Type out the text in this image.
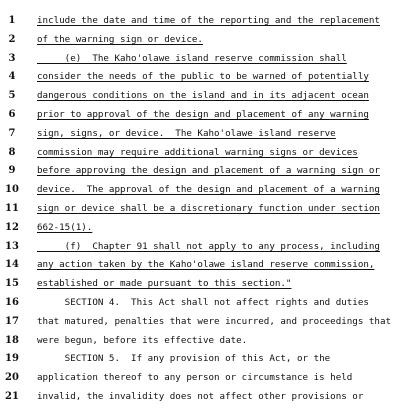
1	include the date and time of the reporting and the replacement
2	of the warning sign or device.
3	(e)  The Kaho'olawe island reserve commission shall
4	consider the needs of the public to be warned of potentially
5	dangerous conditions on the island and in its adjacent ocean
6	prior to approval of the design and placement of any warning
7	sign, signs, or device.  The Kaho'olawe island reserve
8	commission may require additional warning signs or devices
9	before approving the design and placement of a warning sign or
10 device.  The approval of the design and placement of a warning
11 sign or device shall be a discretionary function under section
12 662-15(1).
13 (f)  Chapter 91 shall not apply to any process, including
14 any action taken by the Kaho'olawe island reserve commission,
15 established or made pursuant to this section."
16 SECTION 4.  This Act shall not affect rights and duties
17 that matured, penalties that were incurred, and proceedings that
18 were begun, before its effective date.
19 SECTION 5.  If any provision of this Act, or the
20 application thereof to any person or circumstance is held
21 invalid, the invalidity does not affect other provisions or
